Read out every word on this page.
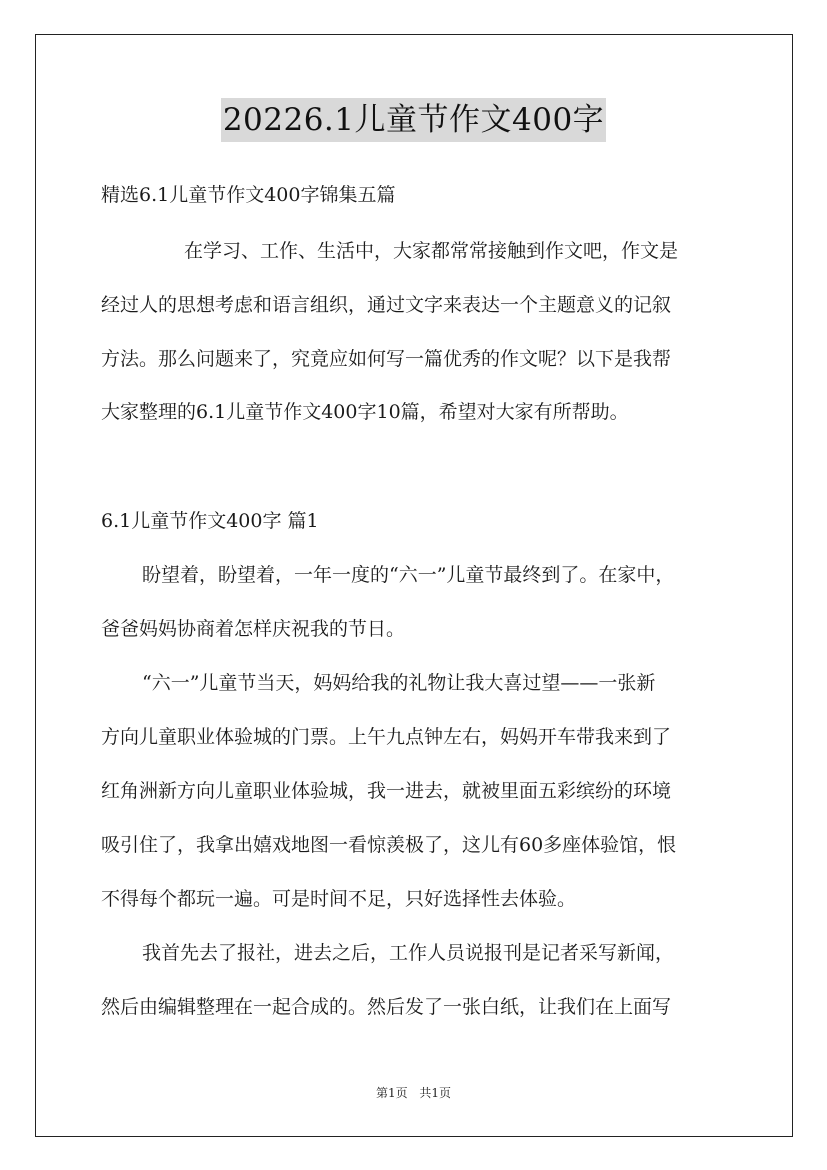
20226.1儿童节作文400字
精选6.1儿童节作文400字锦集五篇
在学习、工作、生活中，大家都常常接触到作文吧，作文是
经过人的思想考虑和语言组织，通过文字来表达一个主题意义的记叙
方法。那么问题来了，究竟应如何写一篇优秀的作文呢？以下是我帮
大家整理的6.1儿童节作文400字10篇，希望对大家有所帮助。
6.1儿童节作文400字 篇1
盼望着，盼望着，一年一度的“六一”儿童节最终到了。在家中，
爸爸妈妈协商着怎样庆祝我的节日。
“六一”儿童节当天，妈妈给我的礼物让我大喜过望——一张新
方向儿童职业体验城的门票。上午九点钟左右，妈妈开车带我来到了
红角洲新方向儿童职业体验城，我一进去，就被里面五彩缤纷的环境
吸引住了，我拿出嬉戏地图一看惊羡极了，这儿有60多座体验馆，恨
不得每个都玩一遍。可是时间不足，只好选择性去体验。
我首先去了报社，进去之后，工作人员说报刊是记者采写新闻，
然后由编辑整理在一起合成的。然后发了一张白纸，让我们在上面写
第1页 共1页
